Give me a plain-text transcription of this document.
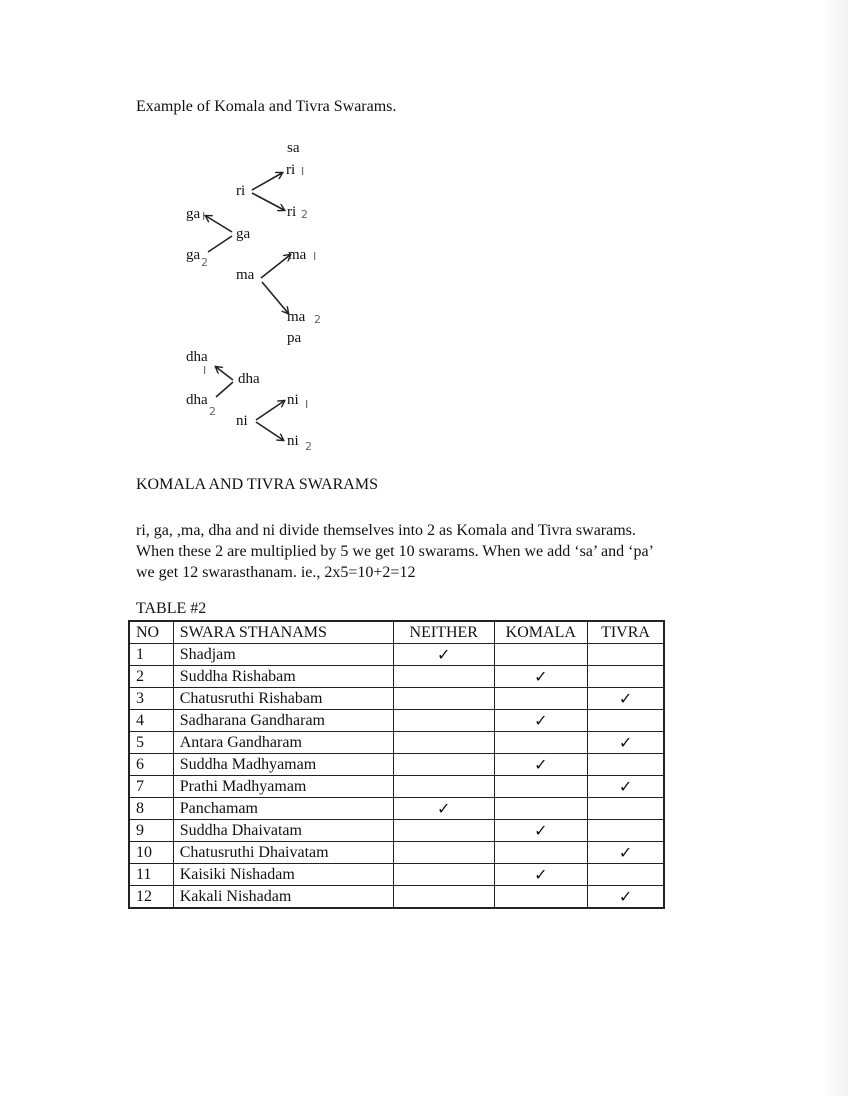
Example of Komala and Tivra Swarams.
sa
ri
ri
ri
ga
ga
ga	ma
ma
ma
pa
dha
dha
dha	ni
ni
ni
I
2
I
2	I
2
I
2
I
2
KOMALA AND TIVRA SWARAMS
ri, ga, ,ma, dha and ni divide themselves into 2 as Komala and Tivra swarams.
When these 2 are multiplied by 5 we get 10 swarams. When we add ‘sa’ and ‘pa’
we get 12 swarasthanam. ie., 2x5=10+2=12
TABLE #2
NO	SWARA STHANAMS	NEITHER	KOMALA	TIVRA
1	Shadjam	✓		
2	Suddha Rishabam		✓	
3	Chatusruthi Rishabam			✓
4	Sadharana Gandharam		✓	
5	Antara Gandharam			✓
6	Suddha Madhyamam		✓	
7	Prathi Madhyamam			✓
8	Panchamam	✓		
9	Suddha Dhaivatam		✓	
10	Chatusruthi Dhaivatam			✓
11	Kaisiki Nishadam		✓	
12	Kakali Nishadam			✓
